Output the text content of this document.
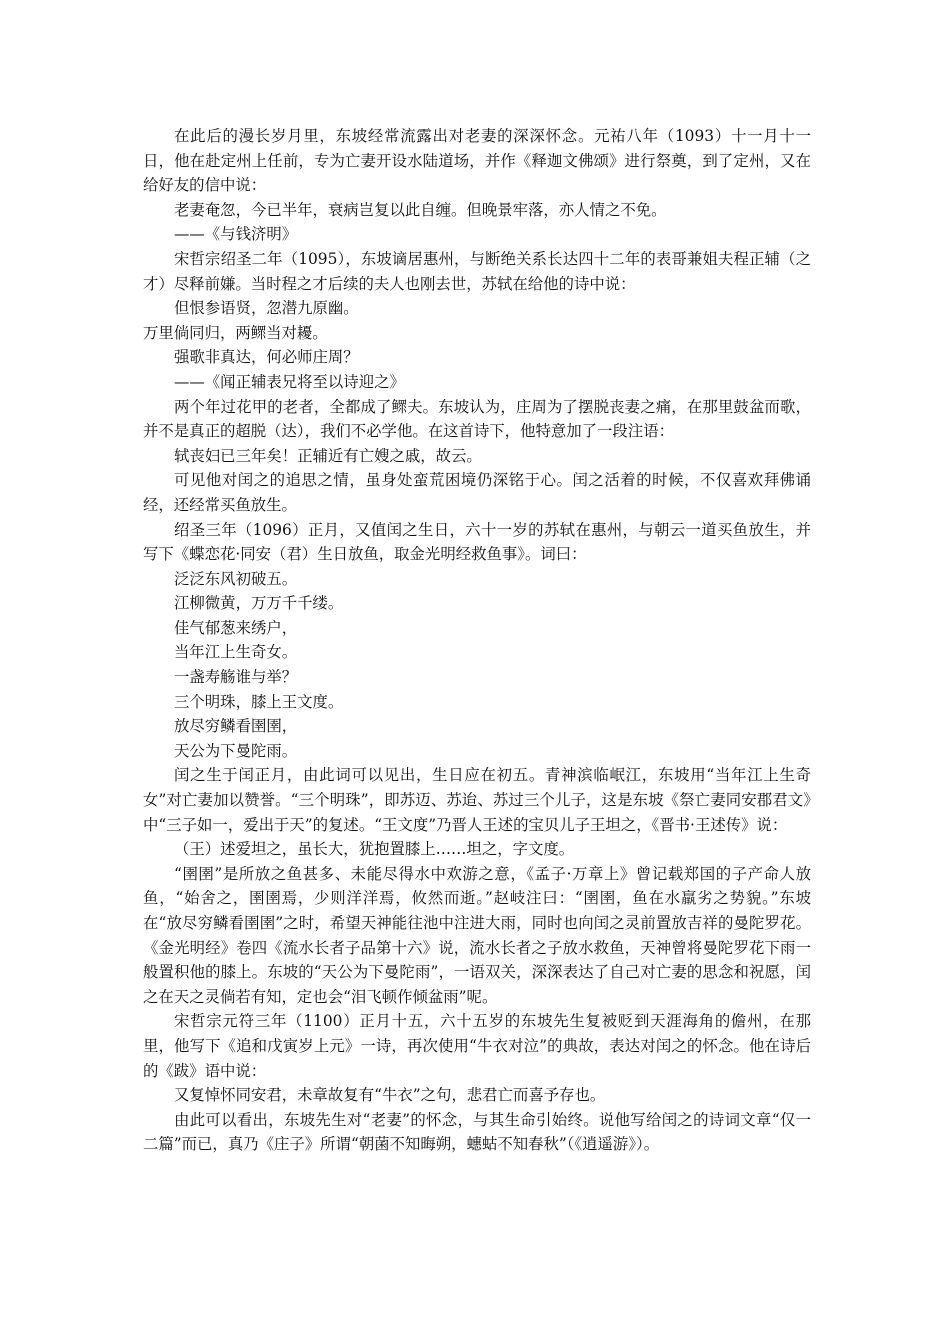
在此后的漫长岁月里，东坡经常流露出对老妻的深深怀念。元祐八年（1093）十一月十一日，他在赴定州上任前，专为亡妻开设水陆道场，并作《释迦文佛颂》进行祭奠，到了定州，又在给好友的信中说：

老妻奄忽，今已半年，衰病岂复以此自缠。但晚景牢落，亦人情之不免。

——《与钱济明》

宋哲宗绍圣二年（1095），东坡谪居惠州，与断绝关系长达四十二年的表哥兼姐夫程正辅（之才）尽释前嫌。当时程之才后续的夫人也刚去世，苏轼在给他的诗中说：

但恨参语贤，忽潜九原幽。

万里倘同归，两鳏当对耰。

强歌非真达，何必师庄周？

——《闻正辅表兄将至以诗迎之》

两个年过花甲的老者，全都成了鳏夫。东坡认为，庄周为了摆脱丧妻之痛，在那里鼓盆而歌，并不是真正的超脱（达），我们不必学他。在这首诗下，他特意加了一段注语：

轼丧妇已三年矣！正辅近有亡嫂之戚，故云。

可见他对闰之的追思之情，虽身处蛮荒困境仍深铭于心。闰之活着的时候，不仅喜欢拜佛诵经，还经常买鱼放生。

绍圣三年（1096）正月，又值闰之生日，六十一岁的苏轼在惠州，与朝云一道买鱼放生，并写下《蝶恋花·同安（君）生日放鱼，取金光明经救鱼事》。词曰：

泛泛东风初破五。

江柳微黄，万万千千缕。

佳气郁葱来绣户，

当年江上生奇女。

一盏寿觞谁与举？

三个明珠，膝上王文度。

放尽穷鳞看圉圉，

天公为下曼陀雨。

闰之生于闰正月，由此词可以见出，生日应在初五。青神滨临岷江，东坡用“当年江上生奇女”对亡妻加以赞誉。“三个明珠”，即苏迈、苏迨、苏过三个儿子，这是东坡《祭亡妻同安郡君文》中“三子如一，爱出于天”的复述。“王文度”乃晋人王述的宝贝儿子王坦之，《晋书·王述传》说：

（王）述爱坦之，虽长大，犹抱置膝上……坦之，字文度。

“圉圉”是所放之鱼甚多、未能尽得水中欢游之意，《孟子·万章上》曾记载郑国的子产命人放鱼，“始舍之，圉圉焉，少则洋洋焉，攸然而逝。”赵岐注曰：“圉圉，鱼在水羸劣之势貌。”东坡在“放尽穷鳞看圉圉”之时，希望天神能往池中注进大雨，同时也向闰之灵前置放吉祥的曼陀罗花。《金光明经》卷四《流水长者子品第十六》说，流水长者之子放水救鱼，天神曾将曼陀罗花下雨一般置积他的膝上。东坡的“天公为下曼陀雨”，一语双关，深深表达了自己对亡妻的思念和祝愿，闰之在天之灵倘若有知，定也会“泪飞顿作倾盆雨”呢。

宋哲宗元符三年（1100）正月十五，六十五岁的东坡先生复被贬到天涯海角的儋州，在那里，他写下《追和戊寅岁上元》一诗，再次使用“牛衣对泣”的典故，表达对闰之的怀念。他在诗后的《跋》语中说：

又复悼怀同安君，未章故复有“牛衣”之句，悲君亡而喜予存也。

由此可以看出，东坡先生对“老妻”的怀念，与其生命引始终。说他写给闰之的诗词文章“仅一二篇”而已，真乃《庄子》所谓“朝菌不知晦朔，蟪蛄不知春秋”（《逍遥游》）。
